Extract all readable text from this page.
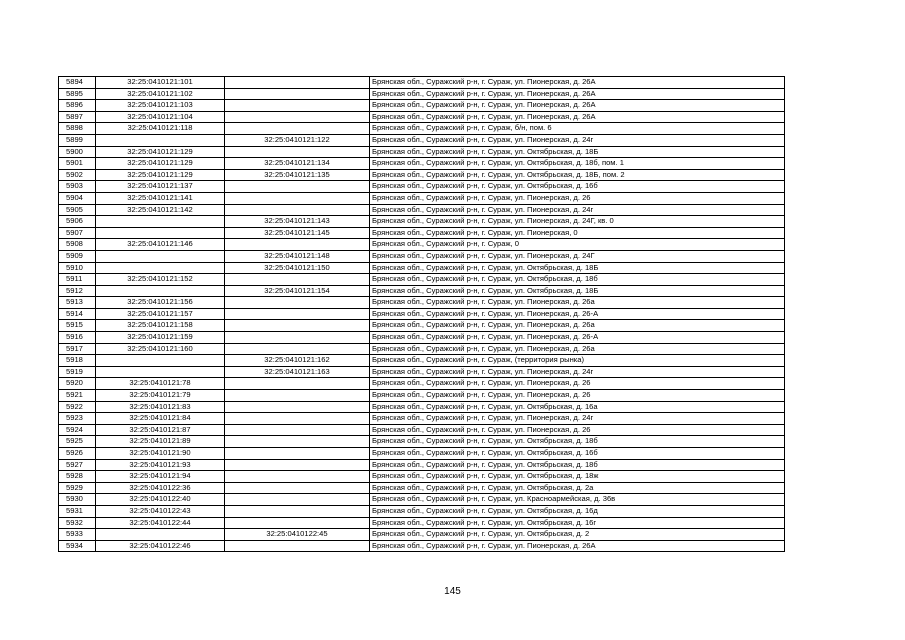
5894	32:25:0410121:101		Брянская обл., Суражский р-н, г. Сураж, ул. Пионерская, д. 26А
5895	32:25:0410121:102		Брянская обл., Суражский р-н, г. Сураж, ул. Пионерская, д. 26А
5896	32:25:0410121:103		Брянская обл., Суражский р-н, г. Сураж, ул. Пионерская, д. 26А
5897	32:25:0410121:104		Брянская обл., Суражский р-н, г. Сураж, ул. Пионерская, д. 26А
5898	32:25:0410121:118		Брянская обл., Суражский р-н, г. Сураж, б/н, пом. 6
5899		32:25:0410121:122	Брянская обл., Суражский р-н, г. Сураж, ул. Пионерская, д. 24г
5900	32:25:0410121:129		Брянская обл., Суражский р-н, г. Сураж, ул. Октябрьская, д. 18Б
5901	32:25:0410121:129	32:25:0410121:134	Брянская обл., Суражский р-н, г. Сураж, ул. Октябрьская, д. 18б, пом. 1
5902	32:25:0410121:129	32:25:0410121:135	Брянская обл., Суражский р-н, г. Сураж, ул. Октябрьская, д. 18Б, пом. 2
5903	32:25:0410121:137		Брянская обл., Суражский р-н, г. Сураж, ул. Октябрьская, д. 16б
5904	32:25:0410121:141		Брянская обл., Суражский р-н, г. Сураж, ул. Пионерская, д. 26
5905	32:25:0410121:142		Брянская обл., Суражский р-н, г. Сураж, ул. Пионерская, д. 24г
5906		32:25:0410121:143	Брянская обл., Суражский р-н, г. Сураж, ул. Пионерская, д. 24Г, кв. 0
5907		32:25:0410121:145	Брянская обл., Суражский р-н, г. Сураж, ул. Пионерская, 0
5908	32:25:0410121:146		Брянская обл., Суражский р-н, г. Сураж, 0
5909		32:25:0410121:148	Брянская обл., Суражский р-н, г. Сураж, ул. Пионерская, д. 24Г
5910		32:25:0410121:150	Брянская обл., Суражский р-н, г. Сураж, ул. Октябрьская, д. 18Б
5911	32:25:0410121:152		Брянская обл., Суражский р-н, г. Сураж, ул. Октябрьская, д. 18б
5912		32:25:0410121:154	Брянская обл., Суражский р-н, г. Сураж, ул. Октябрьская, д. 18Б
5913	32:25:0410121:156		Брянская обл., Суражский р-н, г. Сураж, ул. Пионерская, д. 26а
5914	32:25:0410121:157		Брянская обл., Суражский р-н, г. Сураж, ул. Пионерская, д. 26-А
5915	32:25:0410121:158		Брянская обл., Суражский р-н, г. Сураж, ул. Пионерская, д. 26а
5916	32:25:0410121:159		Брянская обл., Суражский р-н, г. Сураж, ул. Пионерская, д. 26-А
5917	32:25:0410121:160		Брянская обл., Суражский р-н, г. Сураж, ул. Пионерская, д. 26а
5918		32:25:0410121:162	Брянская обл., Суражский р-н, г. Сураж, (территория рынка)
5919		32:25:0410121:163	Брянская обл., Суражский р-н, г. Сураж, ул. Пионерская, д. 24г
5920	32:25:0410121:78		Брянская обл., Суражский р-н, г. Сураж, ул. Пионерская, д. 26
5921	32:25:0410121:79		Брянская обл., Суражский р-н, г. Сураж, ул. Пионерская, д. 26
5922	32:25:0410121:83		Брянская обл., Суражский р-н, г. Сураж, ул. Октябрьская, д. 16а
5923	32:25:0410121:84		Брянская обл., Суражский р-н, г. Сураж, ул. Пионерская, д. 24г
5924	32:25:0410121:87		Брянская обл., Суражский р-н, г. Сураж, ул. Пионерская, д. 26
5925	32:25:0410121:89		Брянская обл., Суражский р-н, г. Сураж, ул. Октябрьская, д. 18б
5926	32:25:0410121:90		Брянская обл., Суражский р-н, г. Сураж, ул. Октябрьская, д. 16б
5927	32:25:0410121:93		Брянская обл., Суражский р-н, г. Сураж, ул. Октябрьская, д. 18б
5928	32:25:0410121:94		Брянская обл., Суражский р-н, г. Сураж, ул. Октябрьская, д. 18ж
5929	32:25:0410122:36		Брянская обл., Суражский р-н, г. Сураж, ул. Октябрьская, д. 2а
5930	32:25:0410122:40		Брянская обл., Суражский р-н, г. Сураж, ул. Красноармейская, д. 36в
5931	32:25:0410122:43		Брянская обл., Суражский р-н, г. Сураж, ул. Октябрьская, д. 16д
5932	32:25:0410122:44		Брянская обл., Суражский р-н, г. Сураж, ул. Октябрьская, д. 16г
5933		32:25:0410122:45	Брянская обл., Суражский р-н, г. Сураж, ул. Октябрьская, д. 2
5934	32:25:0410122:46		Брянская обл., Суражский р-н, г. Сураж, ул. Пионерская, д. 26А
145
